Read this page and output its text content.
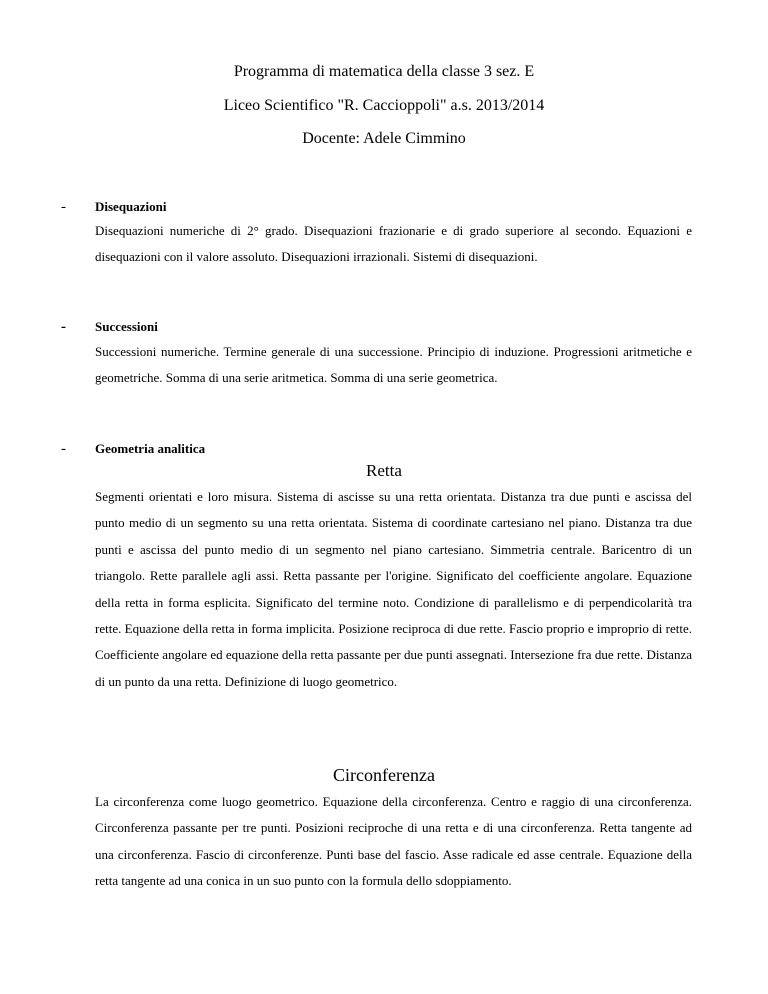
Programma di matematica della classe 3 sez. E
Liceo Scientifico "R. Caccioppoli" a.s. 2013/2014
Docente: Adele Cimmino
- Disequazioni
Disequazioni numeriche di 2° grado. Disequazioni frazionarie e di grado superiore al secondo. Equazioni e disequazioni con il valore assoluto. Disequazioni irrazionali. Sistemi di disequazioni.
- Successioni
Successioni numeriche. Termine generale di una successione. Principio di induzione. Progressioni aritmetiche e geometriche. Somma di una serie aritmetica. Somma di una serie geometrica.
- Geometria analitica
Retta
Segmenti orientati e loro misura. Sistema di ascisse su una retta orientata. Distanza tra due punti e ascissa del punto medio di un segmento su una retta orientata. Sistema di coordinate cartesiano nel piano. Distanza tra due punti e ascissa del punto medio di un segmento nel piano cartesiano. Simmetria centrale. Baricentro di un triangolo. Rette parallele agli assi. Retta passante per l'origine. Significato del coefficiente angolare. Equazione della retta in forma esplicita. Significato del termine noto. Condizione di parallelismo e di perpendicolarità tra rette. Equazione della retta in forma implicita. Posizione reciproca di due rette. Fascio proprio e improprio di rette. Coefficiente angolare ed equazione della retta passante per due punti assegnati. Intersezione fra due rette. Distanza di un punto da una retta. Definizione di luogo geometrico.
Circonferenza
La circonferenza come luogo geometrico. Equazione della circonferenza. Centro e raggio di una circonferenza. Circonferenza passante per tre punti. Posizioni reciproche di una retta e di una circonferenza. Retta tangente ad una circonferenza. Fascio di circonferenze. Punti base del fascio. Asse radicale ed asse centrale. Equazione della retta tangente ad una conica in un suo punto con la formula dello sdoppiamento.
